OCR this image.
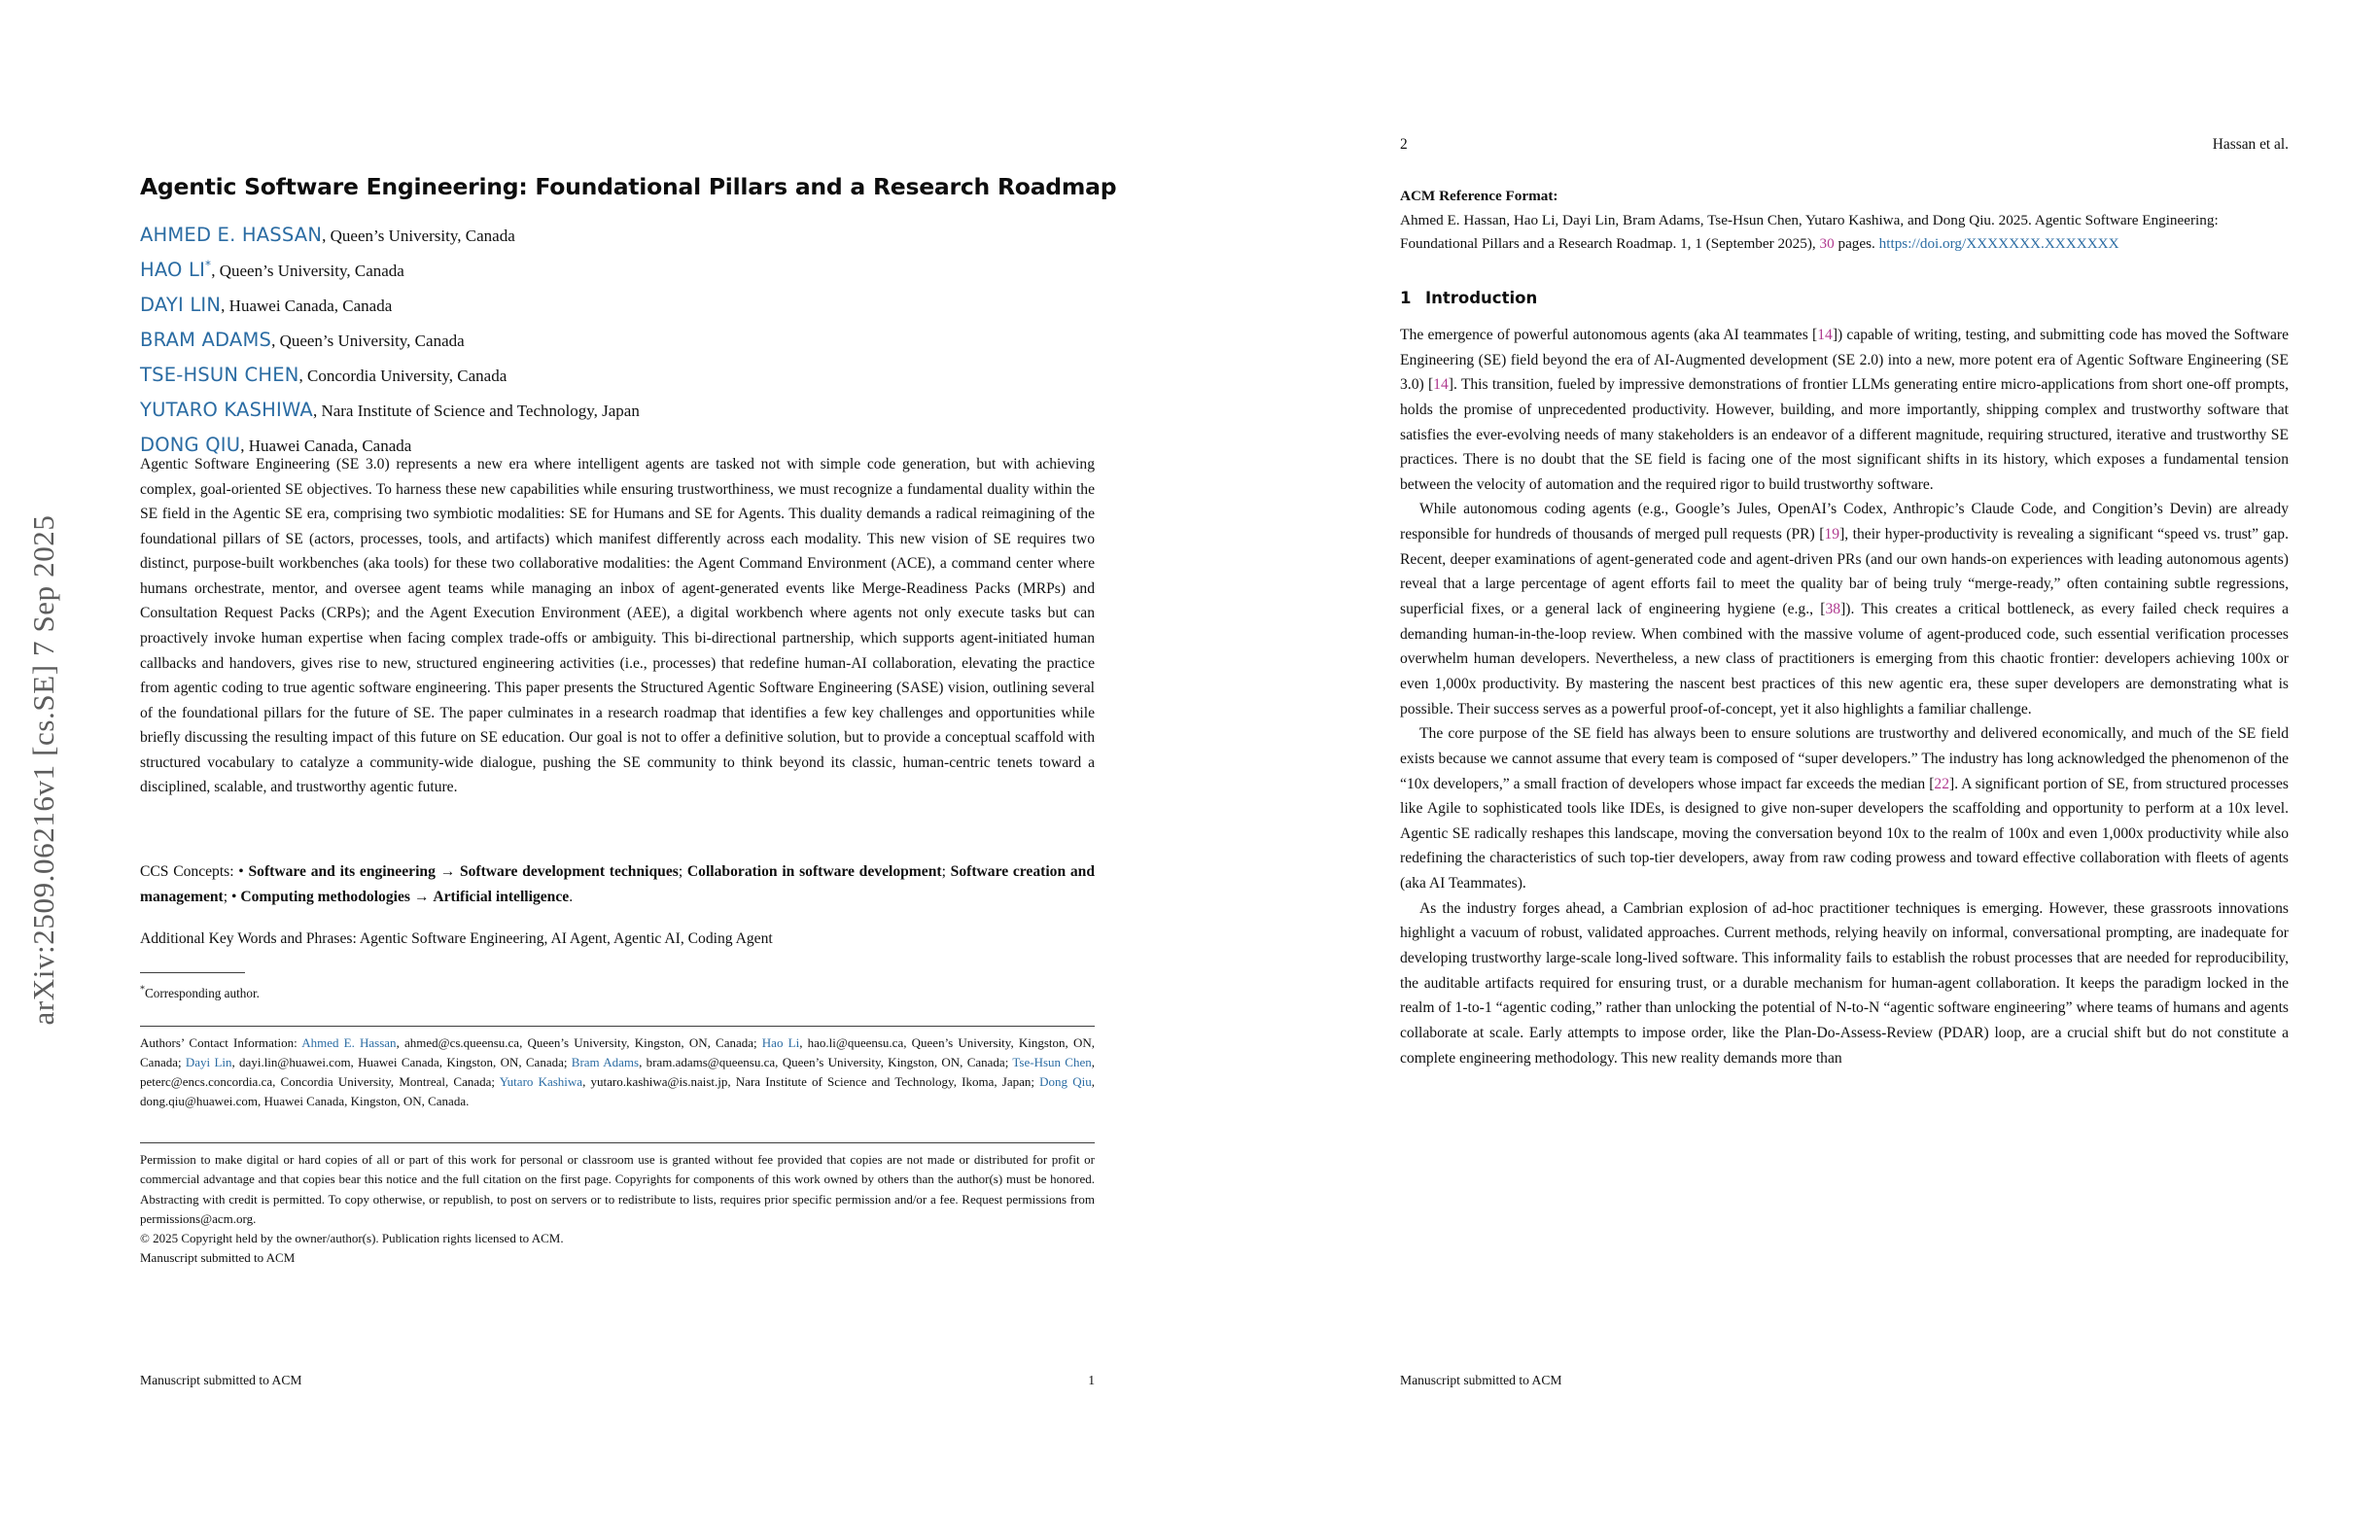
arXiv:2509.06216v1 [cs.SE] 7 Sep 2025
Agentic Software Engineering: Foundational Pillars and a Research Roadmap
AHMED E. HASSAN, Queen’s University, Canada
HAO LI*, Queen’s University, Canada
DAYI LIN, Huawei Canada, Canada
BRAM ADAMS, Queen’s University, Canada
TSE-HSUN CHEN, Concordia University, Canada
YUTARO KASHIWA, Nara Institute of Science and Technology, Japan
DONG QIU, Huawei Canada, Canada
Agentic Software Engineering (SE 3.0) represents a new era where intelligent agents are tasked not with simple code generation, but with achieving complex, goal-oriented SE objectives. To harness these new capabilities while ensuring trustworthiness, we must recognize a fundamental duality within the SE field in the Agentic SE era, comprising two symbiotic modalities: SE for Humans and SE for Agents. This duality demands a radical reimagining of the foundational pillars of SE (actors, processes, tools, and artifacts) which manifest differently across each modality. This new vision of SE requires two distinct, purpose-built workbenches (aka tools) for these two collaborative modalities: the Agent Command Environment (ACE), a command center where humans orchestrate, mentor, and oversee agent teams while managing an inbox of agent-generated events like Merge-Readiness Packs (MRPs) and Consultation Request Packs (CRPs); and the Agent Execution Environment (AEE), a digital workbench where agents not only execute tasks but can proactively invoke human expertise when facing complex trade-offs or ambiguity. This bi-directional partnership, which supports agent-initiated human callbacks and handovers, gives rise to new, structured engineering activities (i.e., processes) that redefine human-AI collaboration, elevating the practice from agentic coding to true agentic software engineering. This paper presents the Structured Agentic Software Engineering (SASE) vision, outlining several of the foundational pillars for the future of SE. The paper culminates in a research roadmap that identifies a few key challenges and opportunities while briefly discussing the resulting impact of this future on SE education. Our goal is not to offer a definitive solution, but to provide a conceptual scaffold with structured vocabulary to catalyze a community-wide dialogue, pushing the SE community to think beyond its classic, human-centric tenets toward a disciplined, scalable, and trustworthy agentic future.
CCS Concepts: • Software and its engineering → Software development techniques; Collaboration in software development; Software creation and management; • Computing methodologies → Artificial intelligence.
Additional Key Words and Phrases: Agentic Software Engineering, AI Agent, Agentic AI, Coding Agent
*Corresponding author.
Authors’ Contact Information: Ahmed E. Hassan, ahmed@cs.queensu.ca, Queen’s University, Kingston, ON, Canada; Hao Li, hao.li@queensu.ca, Queen’s University, Kingston, ON, Canada; Dayi Lin, dayi.lin@huawei.com, Huawei Canada, Kingston, ON, Canada; Bram Adams, bram.adams@queensu.ca, Queen’s University, Kingston, ON, Canada; Tse-Hsun Chen, peterc@encs.concordia.ca, Concordia University, Montreal, Canada; Yutaro Kashiwa, yutaro.kashiwa@is.naist.jp, Nara Institute of Science and Technology, Ikoma, Japan; Dong Qiu, dong.qiu@huawei.com, Huawei Canada, Kingston, ON, Canada.
Permission to make digital or hard copies of all or part of this work for personal or classroom use is granted without fee provided that copies are not made or distributed for profit or commercial advantage and that copies bear this notice and the full citation on the first page. Copyrights for components of this work owned by others than the author(s) must be honored. Abstracting with credit is permitted. To copy otherwise, or republish, to post on servers or to redistribute to lists, requires prior specific permission and/or a fee. Request permissions from permissions@acm.org.
© 2025 Copyright held by the owner/author(s). Publication rights licensed to ACM.
Manuscript submitted to ACM
Manuscript submitted to ACM	1
2	Hassan et al.
ACM Reference Format:
Ahmed E. Hassan, Hao Li, Dayi Lin, Bram Adams, Tse-Hsun Chen, Yutaro Kashiwa, and Dong Qiu. 2025. Agentic Software Engineering: Foundational Pillars and a Research Roadmap. 1, 1 (September 2025), 30 pages. https://doi.org/XXXXXXX.XXXXXXX
1 Introduction

The emergence of powerful autonomous agents (aka AI teammates [14]) capable of writing, testing, and submitting code has moved the Software Engineering (SE) field beyond the era of AI-Augmented development (SE 2.0) into a new, more potent era of Agentic Software Engineering (SE 3.0) [14]. This transition, fueled by impressive demonstrations of frontier LLMs generating entire micro-applications from short one-off prompts, holds the promise of unprecedented productivity. However, building, and more importantly, shipping complex and trustworthy software that satisfies the ever-evolving needs of many stakeholders is an endeavor of a different magnitude, requiring structured, iterative and trustworthy SE practices. There is no doubt that the SE field is facing one of the most significant shifts in its history, which exposes a fundamental tension between the velocity of automation and the required rigor to build trustworthy software.

While autonomous coding agents (e.g., Google’s Jules, OpenAI’s Codex, Anthropic’s Claude Code, and Congition’s Devin) are already responsible for hundreds of thousands of merged pull requests (PR) [19], their hyper-productivity is revealing a significant “speed vs. trust” gap. Recent, deeper examinations of agent-generated code and agent-driven PRs (and our own hands-on experiences with leading autonomous agents) reveal that a large percentage of agent efforts fail to meet the quality bar of being truly “merge-ready,” often containing subtle regressions, superficial fixes, or a general lack of engineering hygiene (e.g., [38]). This creates a critical bottleneck, as every failed check requires a demanding human-in-the-loop review. When combined with the massive volume of agent-produced code, such essential verification processes overwhelm human developers. Nevertheless, a new class of practitioners is emerging from this chaotic frontier: developers achieving 100x or even 1,000x productivity. By mastering the nascent best practices of this new agentic era, these super developers are demonstrating what is possible. Their success serves as a powerful proof-of-concept, yet it also highlights a familiar challenge.

The core purpose of the SE field has always been to ensure solutions are trustworthy and delivered economically, and much of the SE field exists because we cannot assume that every team is composed of “super developers.” The industry has long acknowledged the phenomenon of the “10x developers,” a small fraction of developers whose impact far exceeds the median [22]. A significant portion of SE, from structured processes like Agile to sophisticated tools like IDEs, is designed to give non-super developers the scaffolding and opportunity to perform at a 10x level. Agentic SE radically reshapes this landscape, moving the conversation beyond 10x to the realm of 100x and even 1,000x productivity while also redefining the characteristics of such top-tier developers, away from raw coding prowess and toward effective collaboration with fleets of agents (aka AI Teammates).

As the industry forges ahead, a Cambrian explosion of ad-hoc practitioner techniques is emerging. However, these grassroots innovations highlight a vacuum of robust, validated approaches. Current methods, relying heavily on informal, conversational prompting, are inadequate for developing trustworthy large-scale long-lived software. This informality fails to establish the robust processes that are needed for reproducibility, the auditable artifacts required for ensuring trust, or a durable mechanism for human-agent collaboration. It keeps the paradigm locked in the realm of 1-to-1 “agentic coding,” rather than unlocking the potential of N-to-N “agentic software engineering” where teams of humans and agents collaborate at scale. Early attempts to impose order, like the Plan-Do-Assess-Review (PDAR) loop, are a crucial shift but do not constitute a complete engineering methodology. This new reality demands more than

Manuscript submitted to ACM
